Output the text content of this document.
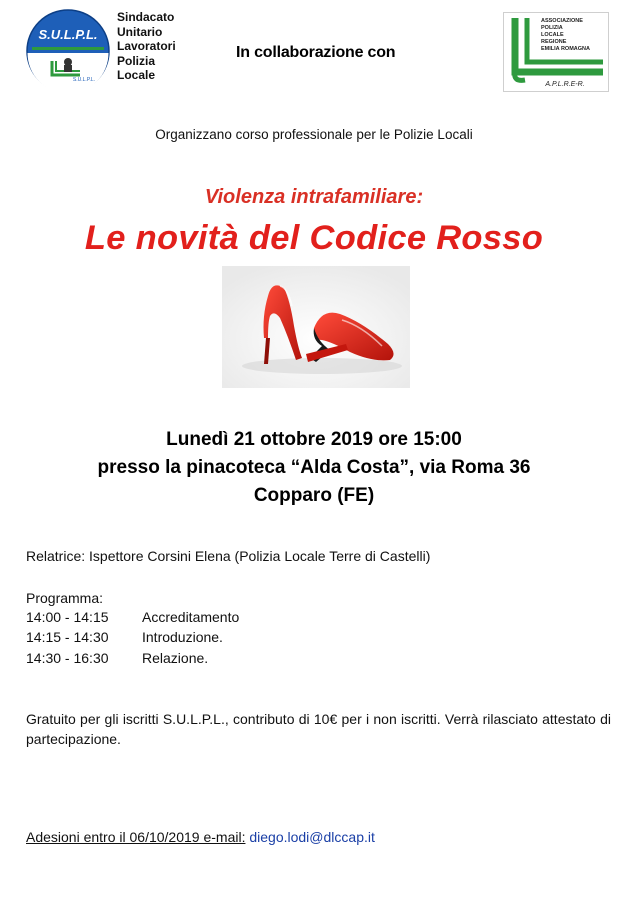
S.U.L.P.L.
S.U.L.P.L.
Sindacato
Unitario
Lavoratori
Polizia
Locale
In collaborazione con
ASSOCIAZIONE
POLIZIA
LOCALE
REGIONE
EMILIA ROMAGNA
A.P.L.R.E-R.
Organizzano corso professionale per le Polizie Locali
Violenza intrafamiliare:
Le novità del Codice Rosso
Lunedì 21 ottobre 2019 ore 15:00
presso la pinacoteca “Alda Costa”, via Roma 36
Copparo (FE)
Relatrice: Ispettore Corsini Elena (Polizia Locale Terre di Castelli)
Programma:
14:00 - 14:15 Accreditamento
14:15 - 14:30 Introduzione.
14:30 - 16:30 Relazione.
Gratuito per gli iscritti S.U.L.P.L., contributo di 10€ per i non iscritti. Verrà rilasciato attestato di partecipazione.
Adesioni entro il 06/10/2019 e-mail: diego.lodi@dlccap.it
